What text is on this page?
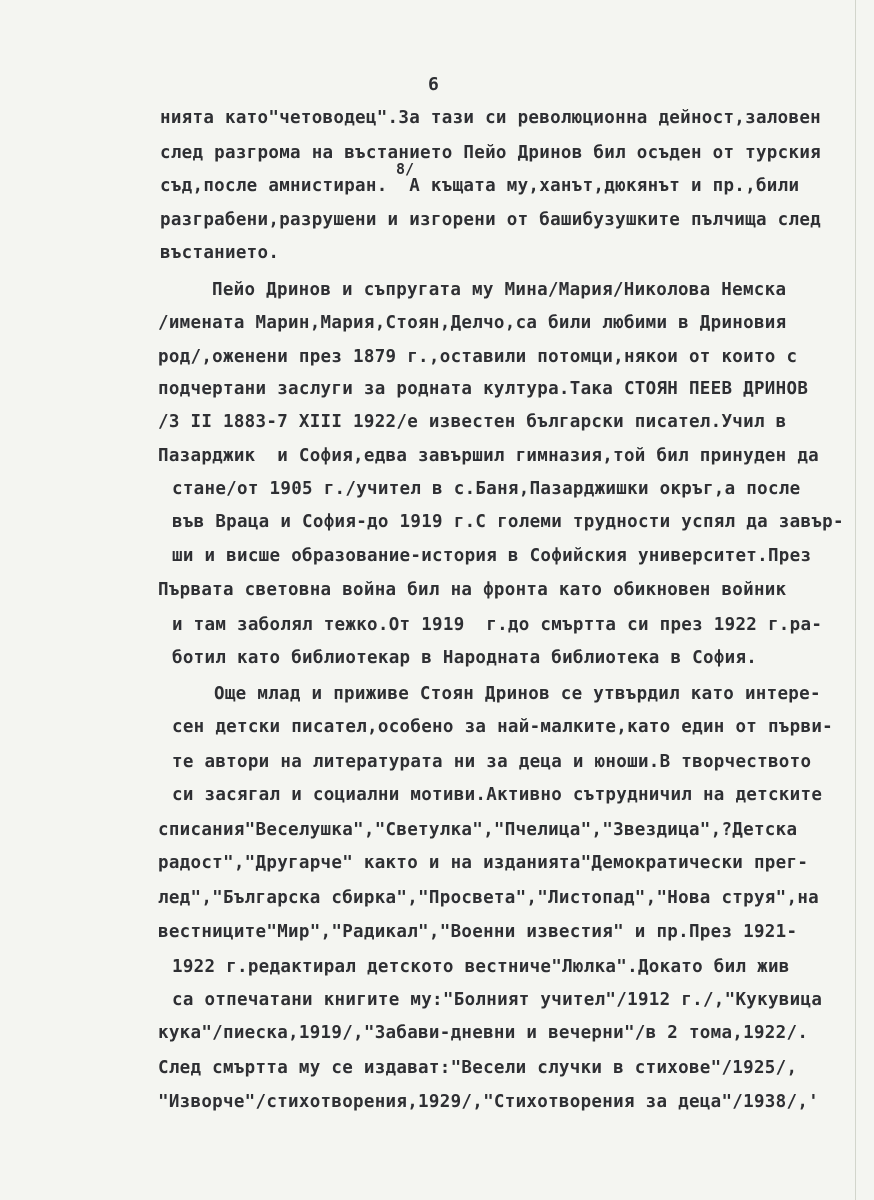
6
8/
нията като"четоводец".За тази си революционна дейност,заловен
след разгрома на въстанието Пейо Дринов бил осъден от турския
съд,после амнистиран.  А къщата му,ханът,дюкянът и пр.,били
разграбени,разрушени и изгорени от башибузушките пълчища след
въстанието.
Пейо Дринов и съпругата му Мина/Мария/Николова Немска
/имената Марин,Мария,Стоян,Делчо,са били любими в Дриновия
род/,оженени през 1879 г.,оставили потомци,някои от които с
подчертани заслуги за родната култура.Така СТОЯН ПЕЕВ ДРИНОВ
/3 II 1883-7 XIII 1922/е известен български писател.Учил в
Пазарджик  и София,едва завършил гимназия,той бил принуден да
стане/от 1905 г./учител в с.Баня,Пазарджишки окръг,а после
във Враца и София-до 1919 г.С големи трудности успял да завър-
ши и висше образование-история в Софийския университет.През
Първата световна война бил на фронта като обикновен войник
и там заболял тежко.От 1919  г.до смъртта си през 1922 г.ра-
ботил като библиотекар в Народната библиотека в София.
Още млад и приживе Стоян Дринов се утвърдил като интере-
сен детски писател,особено за най-малките,като един от първи-
те автори на литературата ни за деца и юноши.В творчеството
си засягал и социални мотиви.Активно сътрудничил на детските
списания"Веселушка","Светулка","Пчелица","Звездица",?Детска
радост","Другарче" както и на изданията"Демократически прег-
лед","Българска сбирка","Просвета","Листопад","Нова струя",на
вестниците"Мир","Радикал","Военни известия" и пр.През 1921-
1922 г.редактирал детското вестниче"Люлка".Докато бил жив
са отпечатани книгите му:"Болният учител"/1912 г./,"Кукувица
кука"/пиеска,1919/,"Забави-дневни и вечерни"/в 2 тома,1922/.
След смъртта му се издават:"Весели случки в стихове"/1925/,
"Изворче"/стихотворения,1929/,"Стихотворения за деца"/1938/,'
